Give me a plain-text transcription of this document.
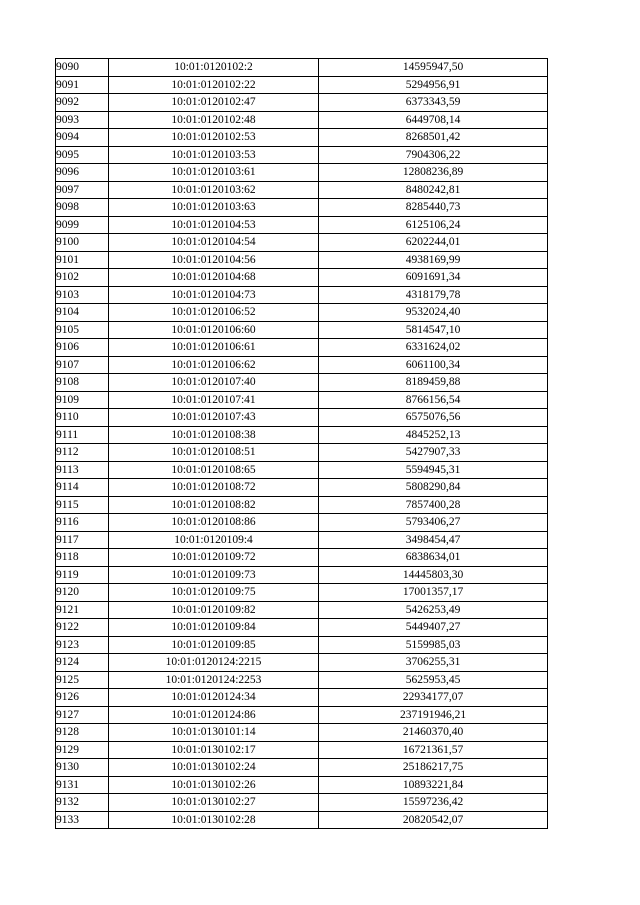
9090	10:01:0120102:2	14595947,50
9091	10:01:0120102:22	5294956,91
9092	10:01:0120102:47	6373343,59
9093	10:01:0120102:48	6449708,14
9094	10:01:0120102:53	8268501,42
9095	10:01:0120103:53	7904306,22
9096	10:01:0120103:61	12808236,89
9097	10:01:0120103:62	8480242,81
9098	10:01:0120103:63	8285440,73
9099	10:01:0120104:53	6125106,24
9100	10:01:0120104:54	6202244,01
9101	10:01:0120104:56	4938169,99
9102	10:01:0120104:68	6091691,34
9103	10:01:0120104:73	4318179,78
9104	10:01:0120106:52	9532024,40
9105	10:01:0120106:60	5814547,10
9106	10:01:0120106:61	6331624,02
9107	10:01:0120106:62	6061100,34
9108	10:01:0120107:40	8189459,88
9109	10:01:0120107:41	8766156,54
9110	10:01:0120107:43	6575076,56
9111	10:01:0120108:38	4845252,13
9112	10:01:0120108:51	5427907,33
9113	10:01:0120108:65	5594945,31
9114	10:01:0120108:72	5808290,84
9115	10:01:0120108:82	7857400,28
9116	10:01:0120108:86	5793406,27
9117	10:01:0120109:4	3498454,47
9118	10:01:0120109:72	6838634,01
9119	10:01:0120109:73	14445803,30
9120	10:01:0120109:75	17001357,17
9121	10:01:0120109:82	5426253,49
9122	10:01:0120109:84	5449407,27
9123	10:01:0120109:85	5159985,03
9124	10:01:0120124:2215	3706255,31
9125	10:01:0120124:2253	5625953,45
9126	10:01:0120124:34	22934177,07
9127	10:01:0120124:86	237191946,21
9128	10:01:0130101:14	21460370,40
9129	10:01:0130102:17	16721361,57
9130	10:01:0130102:24	25186217,75
9131	10:01:0130102:26	10893221,84
9132	10:01:0130102:27	15597236,42
9133	10:01:0130102:28	20820542,07
